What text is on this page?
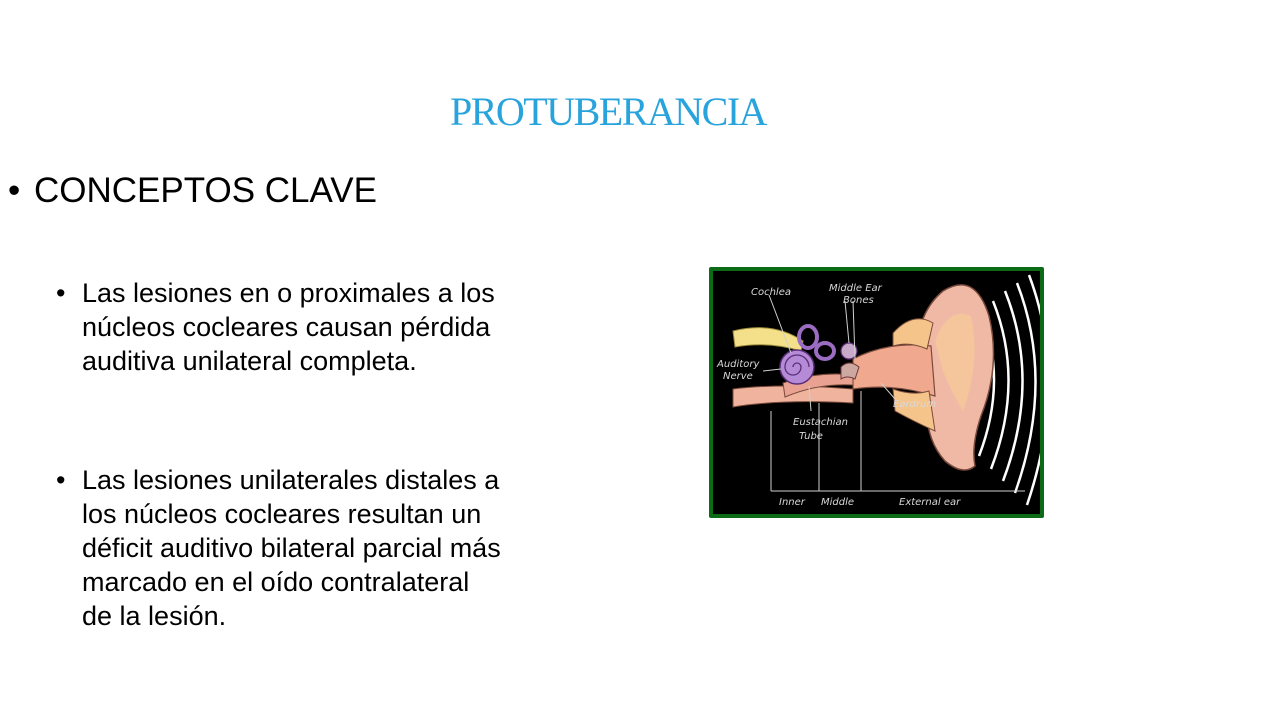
PROTUBERANCIA
• CONCEPTOS CLAVE
• Las lesiones en o proximales a los núcleos cocleares causan pérdida auditiva unilateral completa.
• Las lesiones unilaterales distales a los núcleos cocleares resultan un déficit auditivo bilateral parcial más marcado en el oído contralateral de la lesión.
Cochlea	Middle Ear
Bones
Auditory
Nerve
Eustachian
Tube
Eardrum
Inner Middle	External ear
